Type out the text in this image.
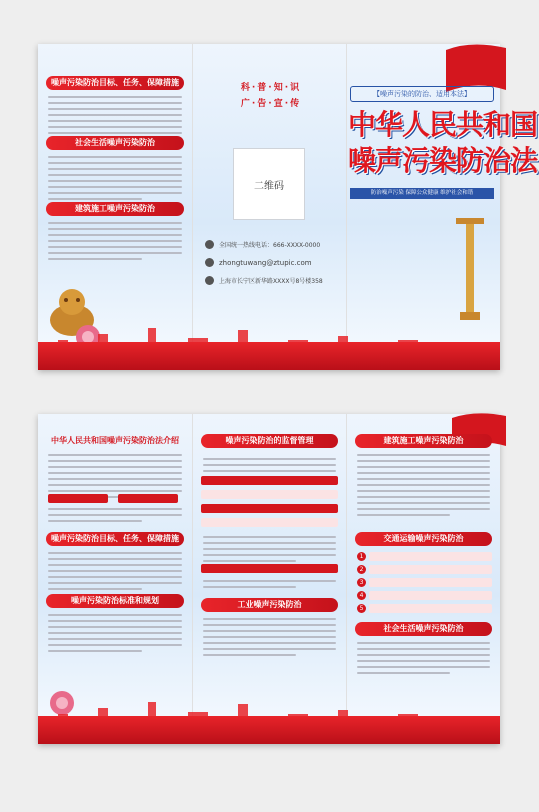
噪声污染防治目标、任务、保障措施
社会生活噪声污染防治
建筑施工噪声污染防治
科·普·知·识
广·告·宣·传
二维码
全国统一热线电话：666-XXXX-0000
zhongtuwang@ztupic.com
上海市长宁区新华路XXXX号8号楼358
【噪声污染的防治、适用本法】
中华人民共和国
噪声污染防治法
防治噪声污染 保障公众健康 维护社会和谐
中华人民共和国噪声污染防治法介绍
噪声污染防治目标、任务、保障措施
噪声污染防治标准和规划
噪声污染防治的监督管理
工业噪声污染防治
建筑施工噪声污染防治
交通运输噪声污染防治
1
2
3
4
5
社会生活噪声污染防治
